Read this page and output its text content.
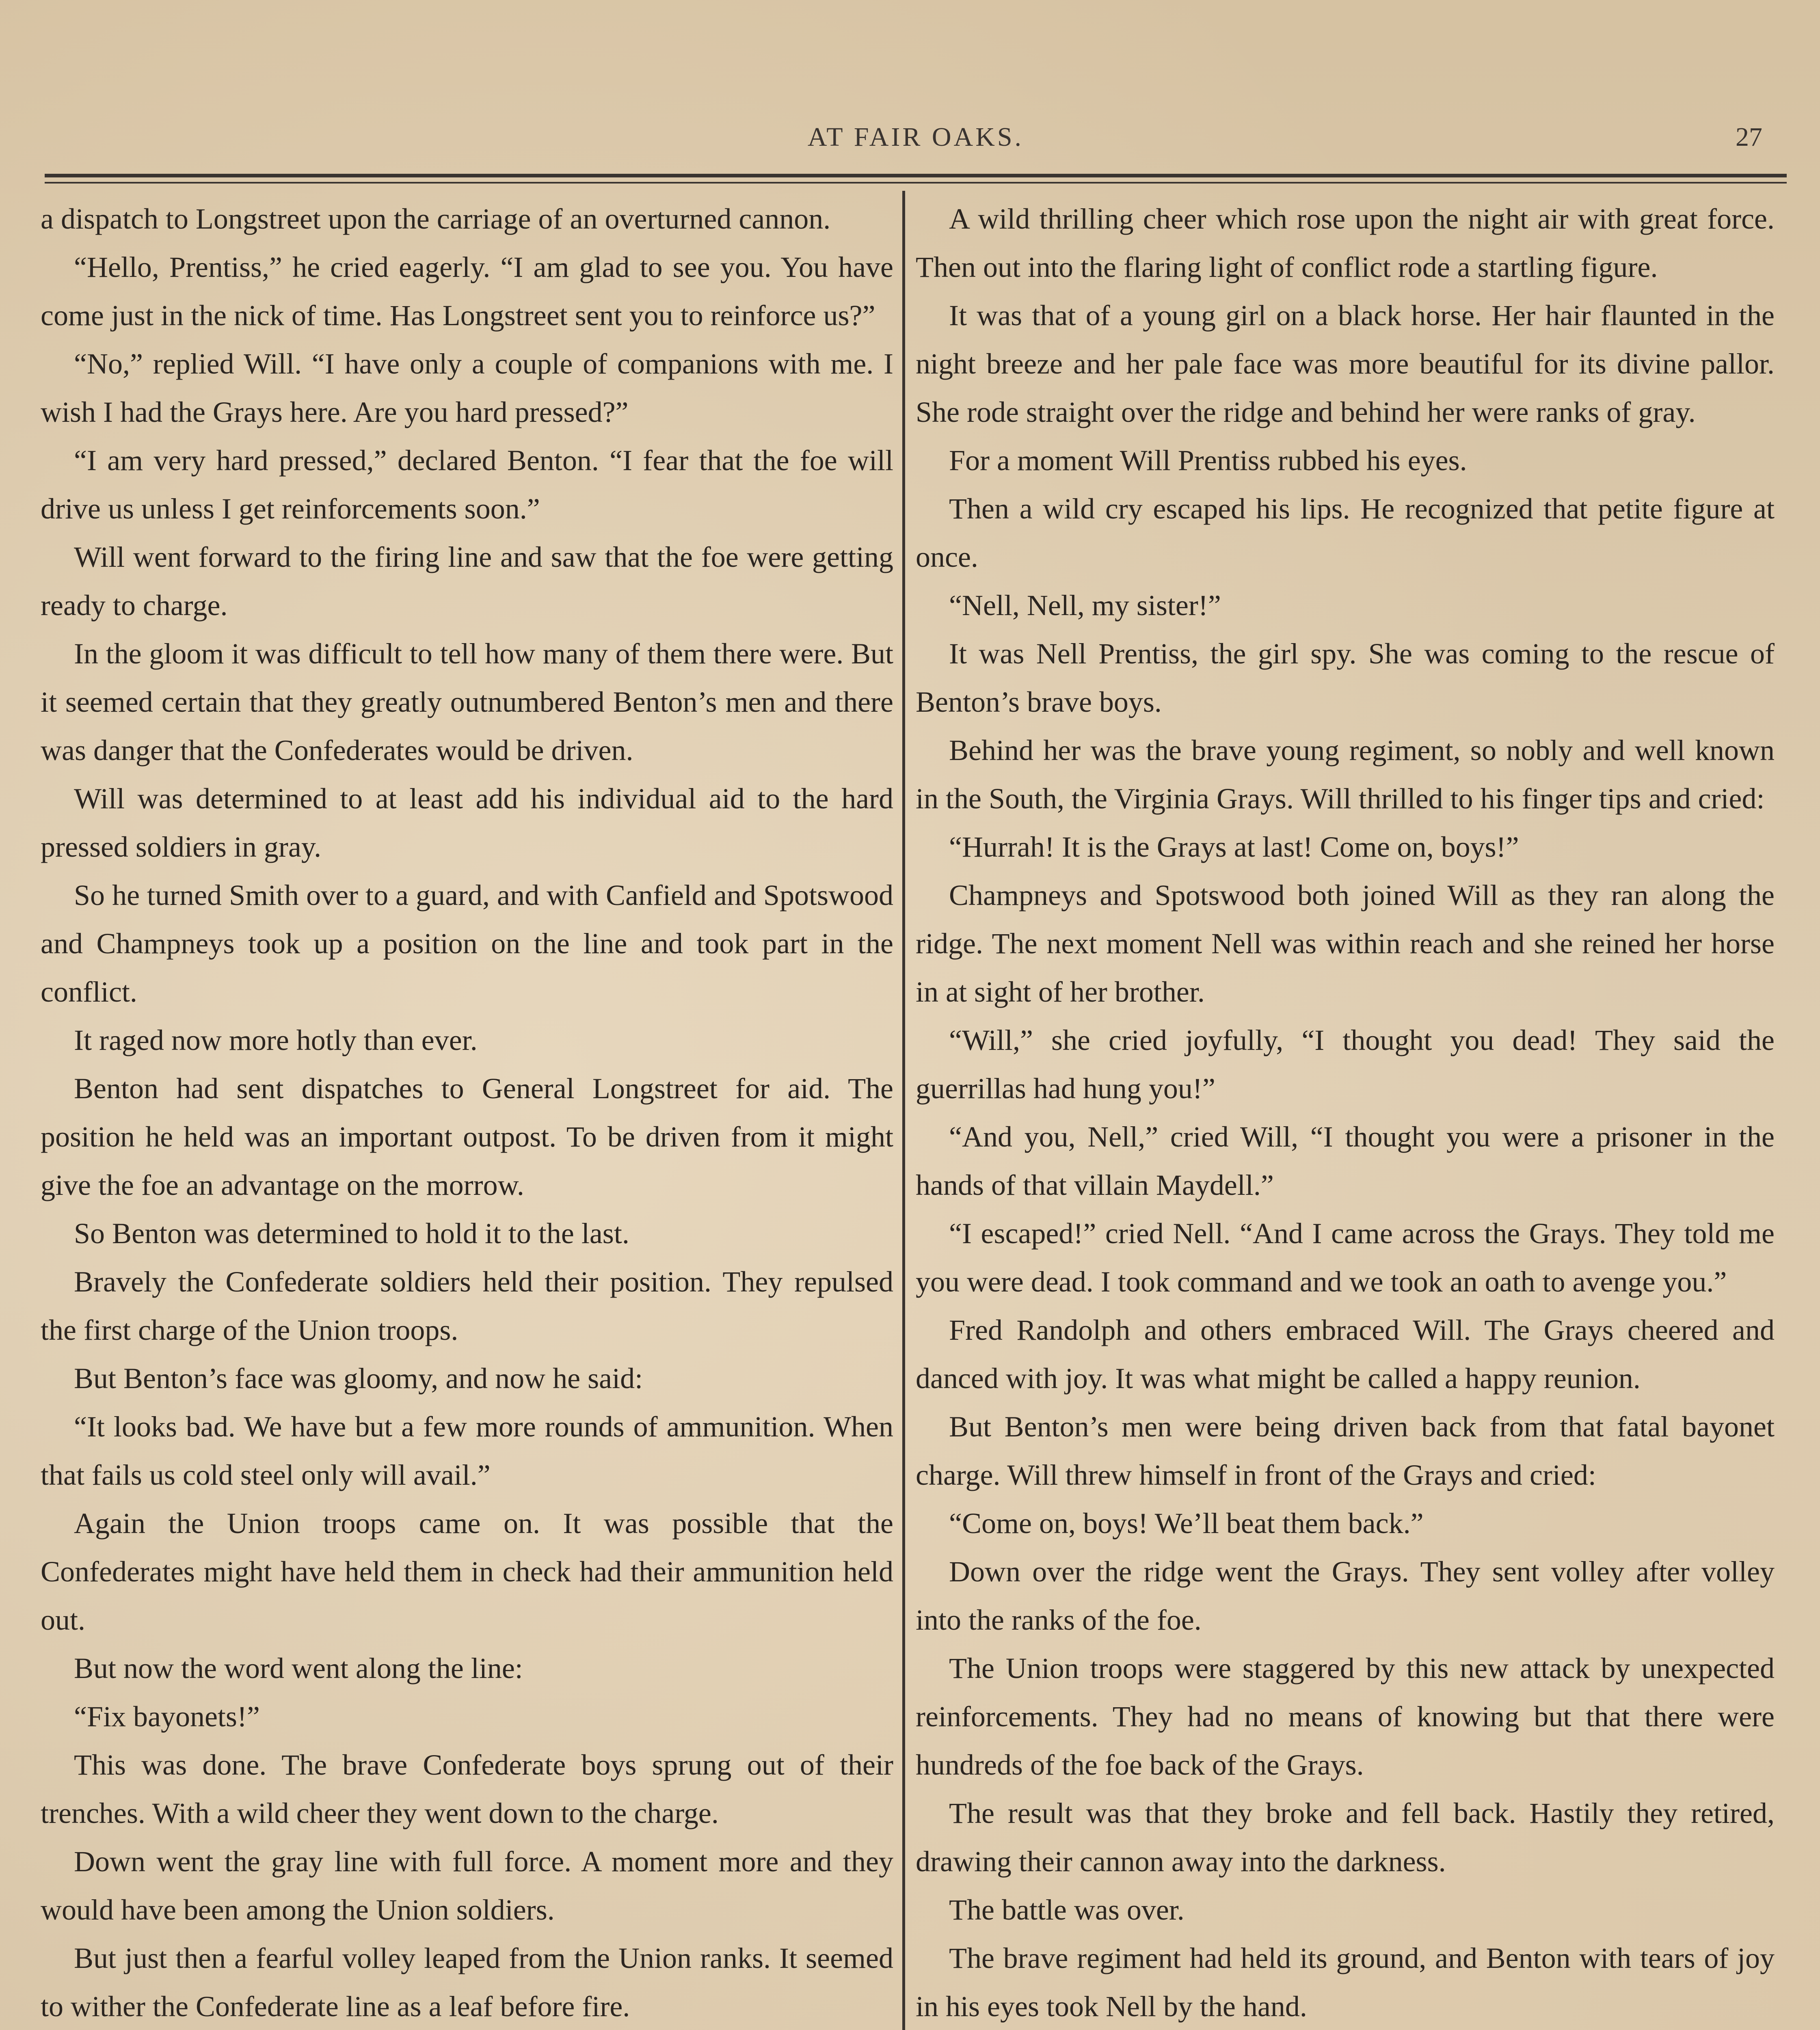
AT FAIR OAKS.	27

a dispatch to Longstreet upon the carriage of an overturned cannon.

“Hello, Prentiss,” he cried eagerly. “I am glad to see you. You have come just in the nick of time. Has Longstreet sent you to reinforce us?”

“No,” replied Will. “I have only a couple of companions with me. I wish I had the Grays here. Are you hard pressed?”

“I am very hard pressed,” declared Benton. “I fear that the foe will drive us unless I get reinforcements soon.”

Will went forward to the firing line and saw that the foe were getting ready to charge.

In the gloom it was difficult to tell how many of them there were. But it seemed certain that they greatly outnumbered Benton’s men and there was danger that the Confederates would be driven.

Will was determined to at least add his individual aid to the hard pressed soldiers in gray.

So he turned Smith over to a guard, and with Canfield and Spotswood and Champneys took up a position on the line and took part in the conflict.

It raged now more hotly than ever.

Benton had sent dispatches to General Longstreet for aid. The position he held was an important outpost. To be driven from it might give the foe an advantage on the morrow.

So Benton was determined to hold it to the last.

Bravely the Confederate soldiers held their position. They repulsed the first charge of the Union troops.

But Benton’s face was gloomy, and now he said:

“It looks bad. We have but a few more rounds of ammunition. When that fails us cold steel only will avail.”

Again the Union troops came on. It was possible that the Confederates might have held them in check had their ammunition held out.

But now the word went along the line:

“Fix bayonets!”

This was done. The brave Confederate boys sprung out of their trenches. With a wild cheer they went down to the charge.

Down went the gray line with full force. A moment more and they would have been among the Union soldiers.

But just then a fearful volley leaped from the Union ranks. It seemed to wither the Confederate line as a leaf before fire.

A wild thrilling cheer which rose upon the night air with great force. Then out into the flaring light of conflict rode a startling figure.

It was that of a young girl on a black horse. Her hair flaunted in the night breeze and her pale face was more beautiful for its divine pallor. She rode straight over the ridge and behind her were ranks of gray.

For a moment Will Prentiss rubbed his eyes.

Then a wild cry escaped his lips. He recognized that petite figure at once.

“Nell, Nell, my sister!”

It was Nell Prentiss, the girl spy. She was coming to the rescue of Benton’s brave boys.

Behind her was the brave young regiment, so nobly and well known in the South, the Virginia Grays. Will thrilled to his finger tips and cried:

“Hurrah! It is the Grays at last! Come on, boys!”

Champneys and Spotswood both joined Will as they ran along the ridge. The next moment Nell was within reach and she reined her horse in at sight of her brother.

“Will,” she cried joyfully, “I thought you dead! They said the guerrillas had hung you!”

“And you, Nell,” cried Will, “I thought you were a prisoner in the hands of that villain Maydell.”

“I escaped!” cried Nell. “And I came across the Grays. They told me you were dead. I took command and we took an oath to avenge you.”

Fred Randolph and others embraced Will. The Grays cheered and danced with joy. It was what might be called a happy reunion.

But Benton’s men were being driven back from that fatal bayonet charge. Will threw himself in front of the Grays and cried:

“Come on, boys! We’ll beat them back.”

Down over the ridge went the Grays. They sent volley after volley into the ranks of the foe.

The Union troops were staggered by this new attack by unexpected reinforcements. They had no means of knowing but that there were hundreds of the foe back of the Grays.

The result was that they broke and fell back. Hastily they retired, drawing their cannon away into the darkness.

The battle was over.

The brave regiment had held its ground, and Benton with tears of joy in his eyes took Nell by the hand.
